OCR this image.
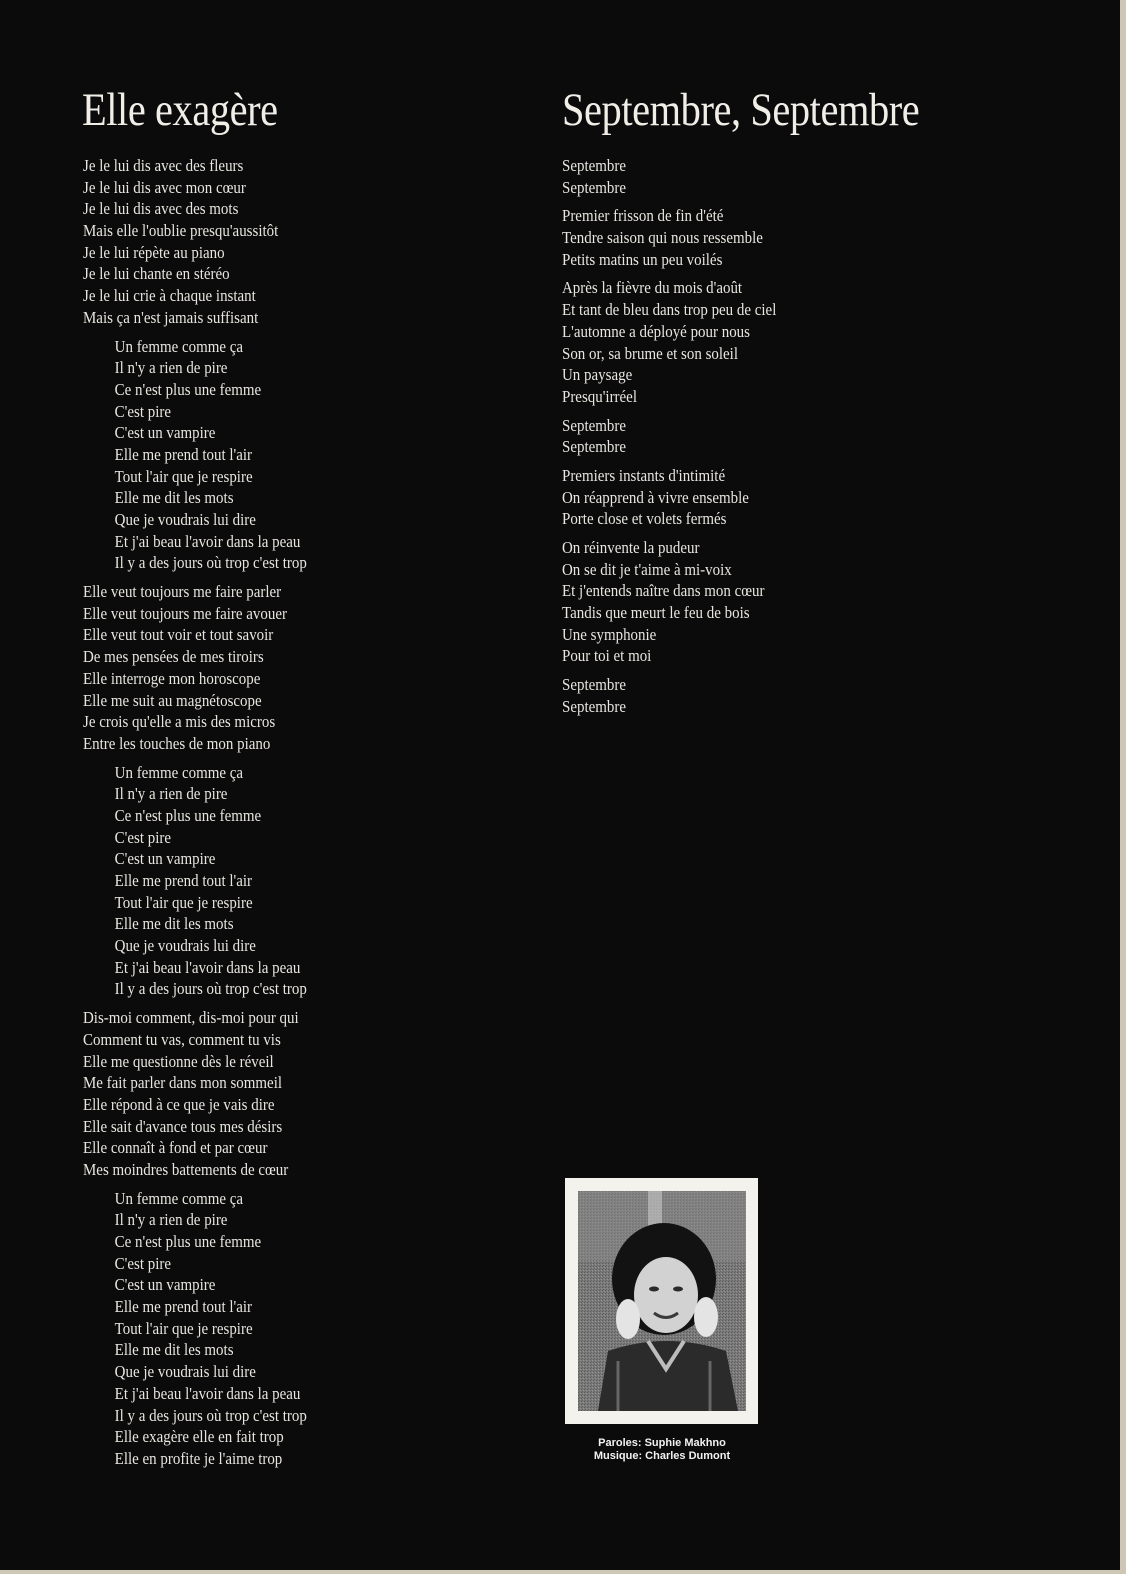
Elle exagère
Je le lui dis avec des fleurs
Je le lui dis avec mon cœur
Je le lui dis avec des mots
Mais elle l'oublie presqu'aussitôt
Je le lui répète au piano
Je le lui chante en stéréo
Je le lui crie à chaque instant
Mais ça n'est jamais suffisant
Un femme comme ça
Il n'y a rien de pire
Ce n'est plus une femme
C'est pire
C'est un vampire
Elle me prend tout l'air
Tout l'air que je respire
Elle me dit les mots
Que je voudrais lui dire
Et j'ai beau l'avoir dans la peau
Il y a des jours où trop c'est trop
Elle veut toujours me faire parler
Elle veut toujours me faire avouer
Elle veut tout voir et tout savoir
De mes pensées de mes tiroirs
Elle interroge mon horoscope
Elle me suit au magnétoscope
Je crois qu'elle a mis des micros
Entre les touches de mon piano
Un femme comme ça
Il n'y a rien de pire
Ce n'est plus une femme
C'est pire
C'est un vampire
Elle me prend tout l'air
Tout l'air que je respire
Elle me dit les mots
Que je voudrais lui dire
Et j'ai beau l'avoir dans la peau
Il y a des jours où trop c'est trop
Dis-moi comment, dis-moi pour qui
Comment tu vas, comment tu vis
Elle me questionne dès le réveil
Me fait parler dans mon sommeil
Elle répond à ce que je vais dire
Elle sait d'avance tous mes désirs
Elle connaît à fond et par cœur
Mes moindres battements de cœur
Un femme comme ça
Il n'y a rien de pire
Ce n'est plus une femme
C'est pire
C'est un vampire
Elle me prend tout l'air
Tout l'air que je respire
Elle me dit les mots
Que je voudrais lui dire
Et j'ai beau l'avoir dans la peau
Il y a des jours où trop c'est trop
Elle exagère elle en fait trop
Elle en profite je l'aime trop
Septembre, Septembre
Septembre
Septembre
Premier frisson de fin d'été
Tendre saison qui nous ressemble
Petits matins un peu voilés
Après la fièvre du mois d'août
Et tant de bleu dans trop peu de ciel
L'automne a déployé pour nous
Son or, sa brume et son soleil
Un paysage
Presqu'irréel
Septembre
Septembre
Premiers instants d'intimité
On réapprend à vivre ensemble
Porte close et volets fermés
On réinvente la pudeur
On se dit je t'aime à mi-voix
Et j'entends naître dans mon cœur
Tandis que meurt le feu de bois
Une symphonie
Pour toi et moi
Septembre
Septembre
Paroles: Suphie Makhno
Musique: Charles Dumont
